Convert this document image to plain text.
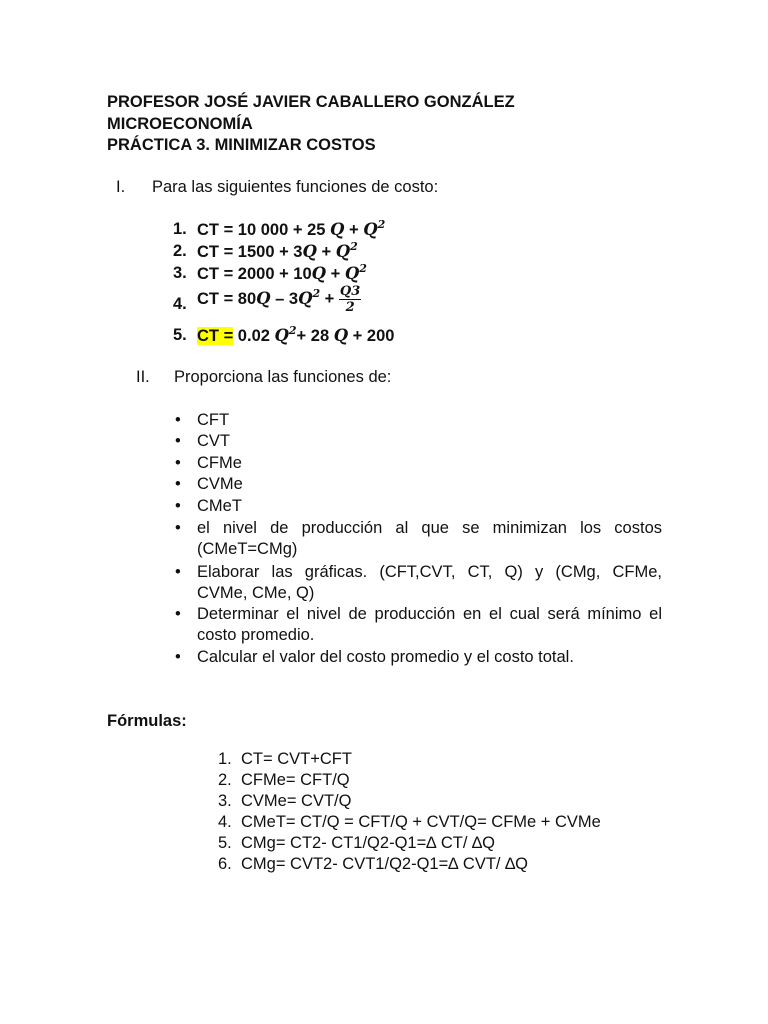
PROFESOR JOSÉ JAVIER CABALLERO GONZÁLEZ
MICROECONOMÍA
PRÁCTICA 3. MINIMIZAR COSTOS
I. Para las siguientes funciones de costo:
1. CT = 10 000 + 25 $Q + Q^2$
2. CT = $1500 + 3Q + Q^2$
3. CT = $2000 + 10Q + Q^2$
4. CT = $80Q - 3Q^2 + \frac{Q3}{2}$
5. CT = 0.02 $Q^2+ 28$ Q + 200
II. Proporciona las funciones de:
• CFT
• CVT
• CFMe
• CVMe
• CMeT
• el nivel de producción al que se minimizan los costos
(CMeT=CMg)
• Elaborar las gráficas. (CFT,CVT, CT, Q) y (CMg, CFMe,
CVMe, CMe, Q)
• Determinar el nivel de producción en el cual será mínimo el
costo promedio.
• Calcular el valor del costo promedio y el costo total.
Fórmulas:
1. CT= CVT+CFT
2. CFMe= CFT/Q
3. CVMe= CVT/Q
4. CMeT= CT/Q = CFT/Q + CVT/Q= CFMe + CVMe
5. CMg= CT2- CT1/Q2-Q1=∆ CT/ ∆Q
6. CMg= CVT2- CVT1/Q2-Q1=∆ CVT/ ∆Q
